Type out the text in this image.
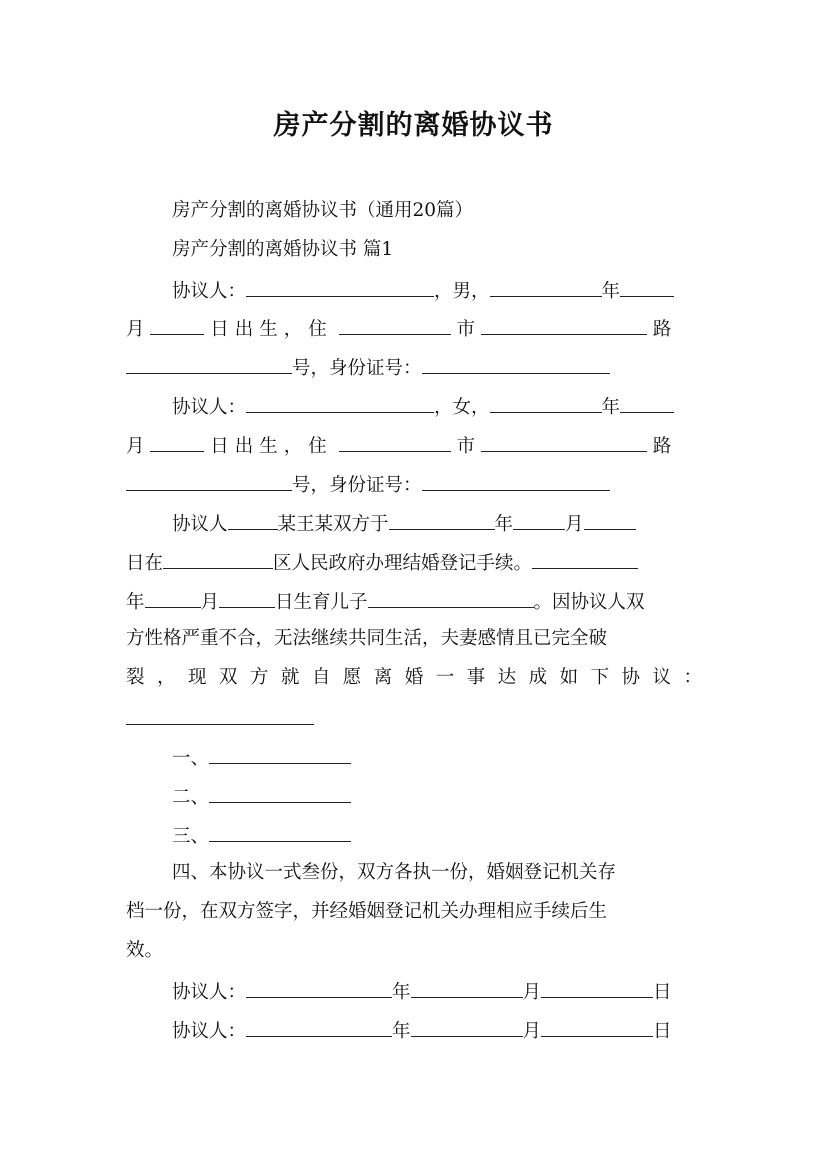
房产分割的离婚协议书
房产分割的离婚协议书（通用20篇）
房产分割的离婚协议书 篇1
协议人：	，男，	年
月	日出生，住	市	路
号，身份证号：
协议人：	，女，	年
月	日出生，住	市	路
号，身份证号：
协议人	某王某双方于	年	月
日在	区人民政府办理结婚登记手续。
年	月	日生育儿子	。因协议人双
方性格严重不合，无法继续共同生活，夫妻感情且已完全破
裂，现双方就自愿离婚一事达成如下协议：
一、
二、
三、
四、本协议一式叁份，双方各执一份，婚姻登记机关存
档一份，在双方签字，并经婚姻登记机关办理相应手续后生
效。
协议人：	年	月	日
协议人：	年	月	日
